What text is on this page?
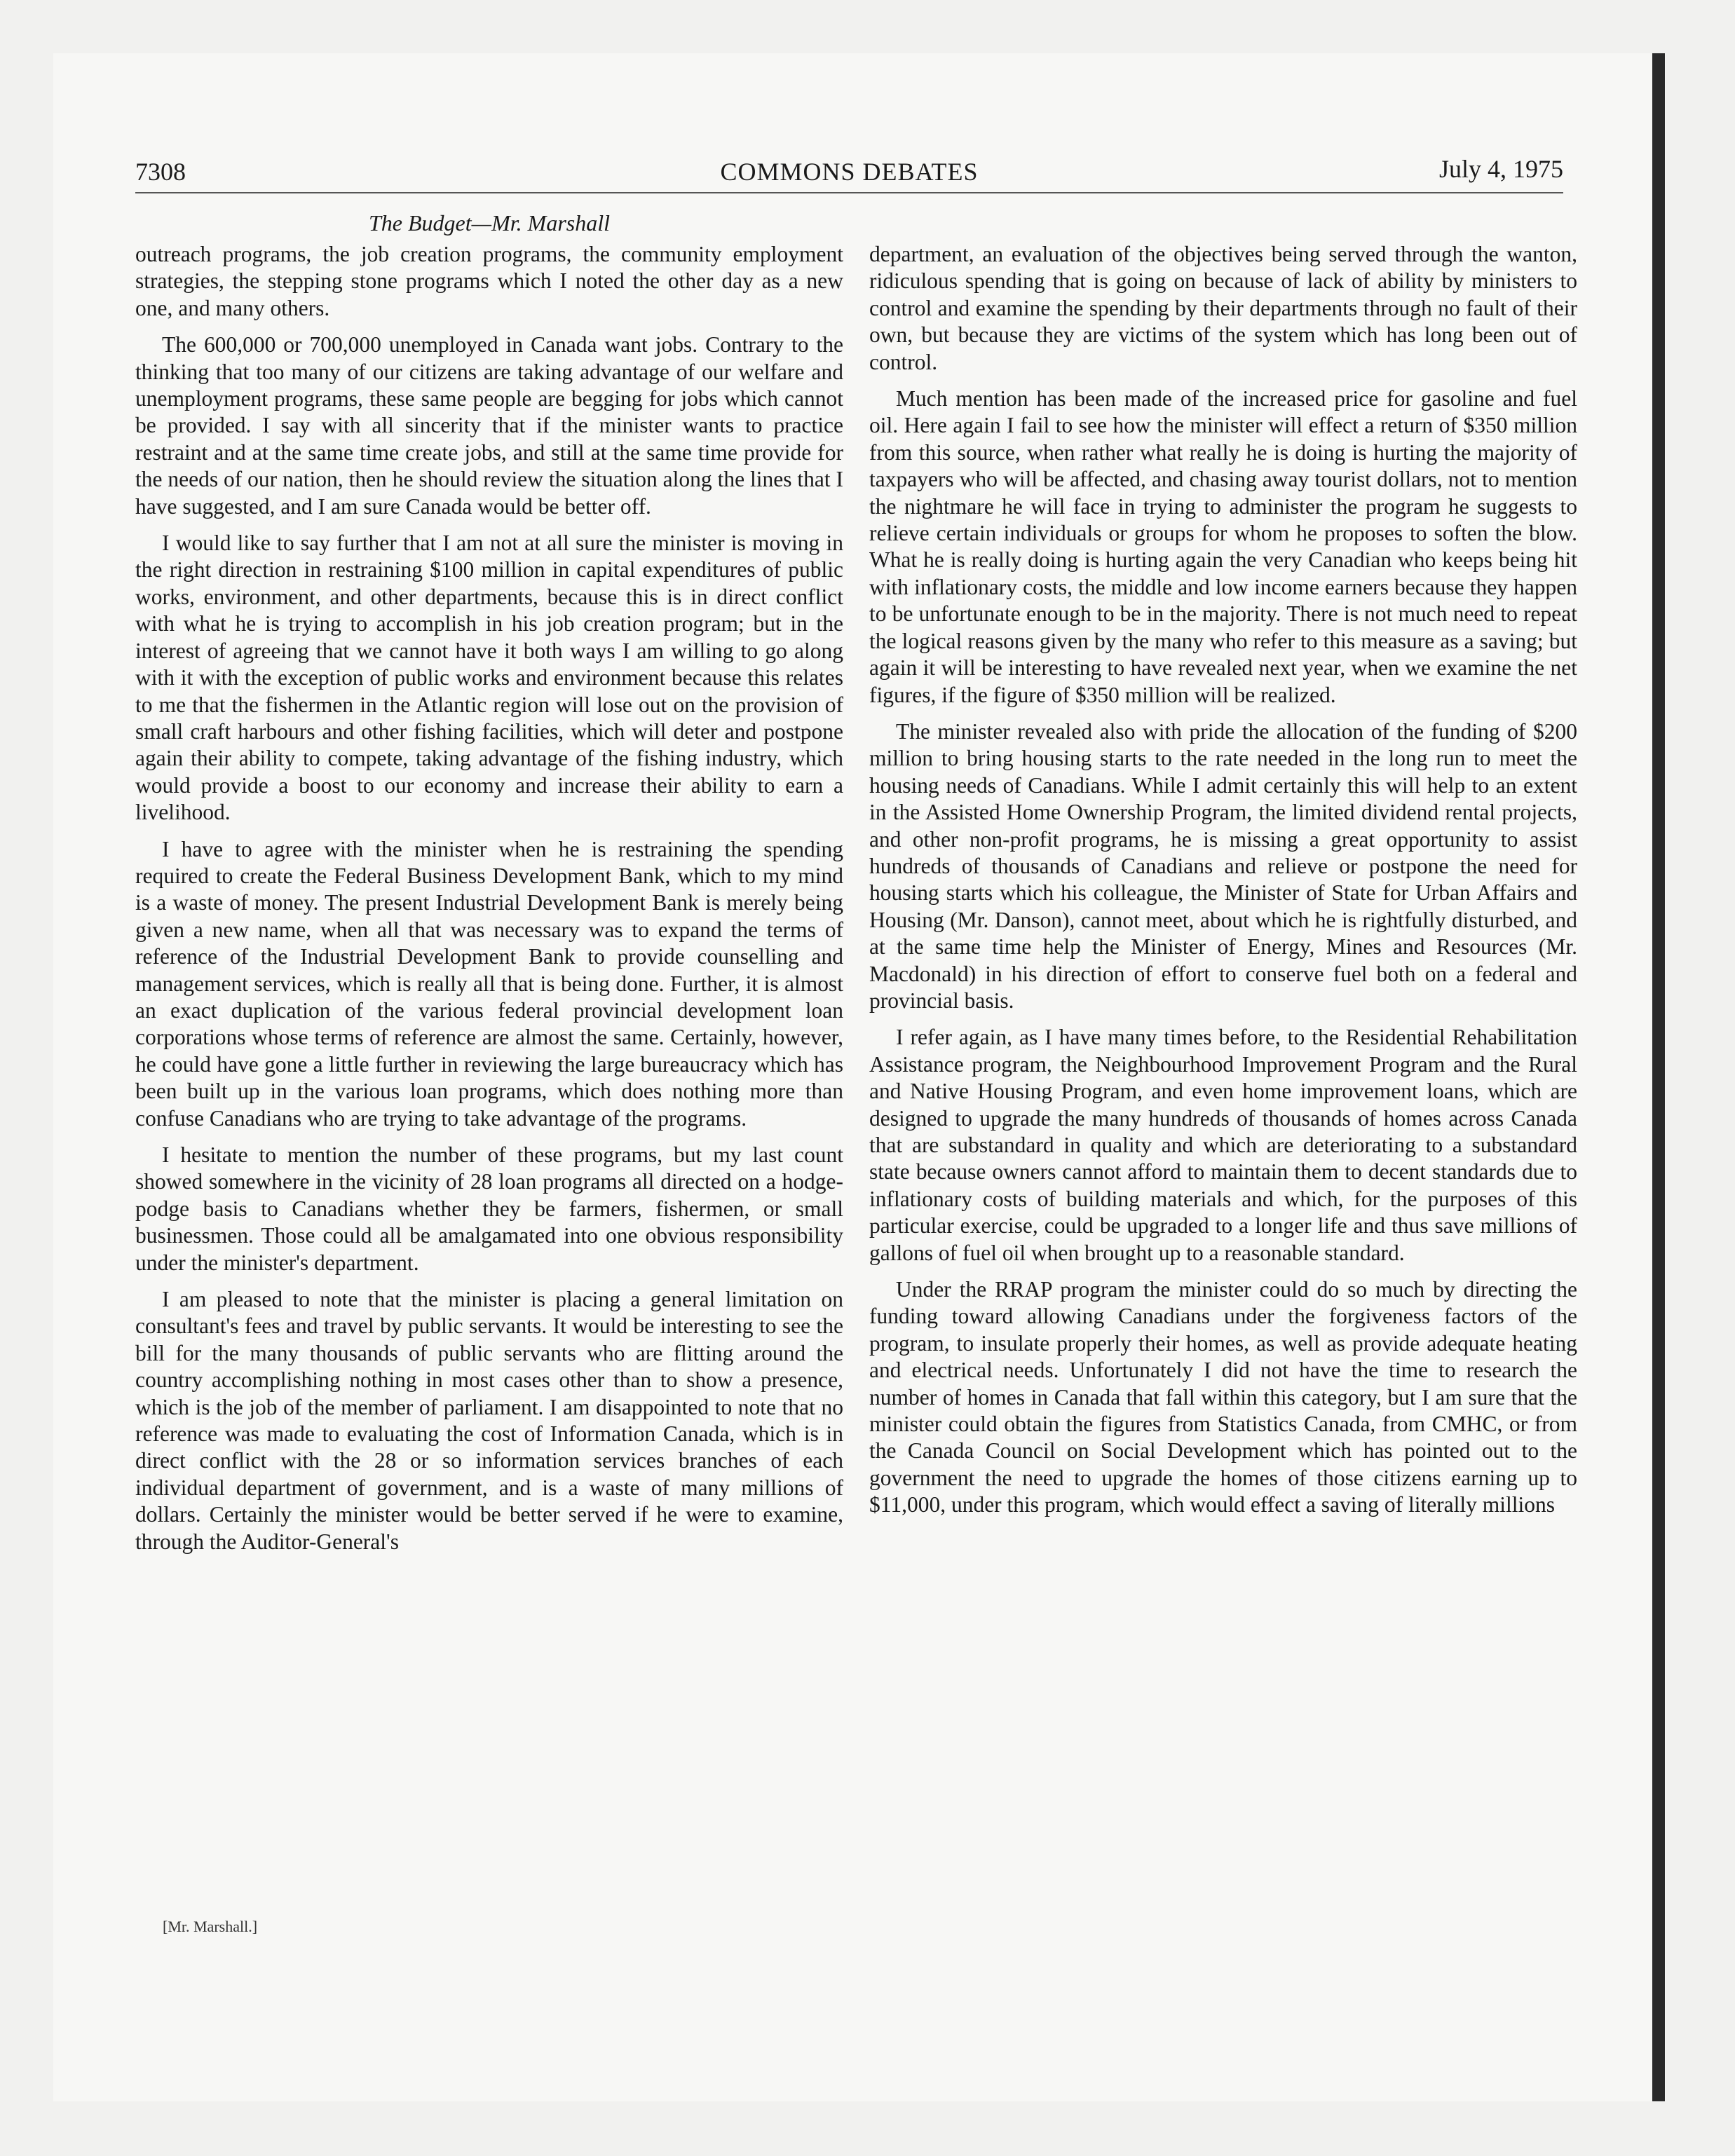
7308	COMMONS DEBATES	July 4, 1975
The Budget—Mr. Marshall

outreach programs, the job creation programs, the community employment strategies, the stepping stone programs which I noted the other day as a new one, and many others.

The 600,000 or 700,000 unemployed in Canada want jobs. Contrary to the thinking that too many of our citizens are taking advantage of our welfare and unemployment programs, these same people are begging for jobs which cannot be provided. I say with all sincerity that if the minister wants to practice restraint and at the same time create jobs, and still at the same time provide for the needs of our nation, then he should review the situation along the lines that I have suggested, and I am sure Canada would be better off.

I would like to say further that I am not at all sure the minister is moving in the right direction in restraining $100 million in capital expenditures of public works, environment, and other departments, because this is in direct conflict with what he is trying to accomplish in his job creation program; but in the interest of agreeing that we cannot have it both ways I am willing to go along with it with the exception of public works and environment because this relates to me that the fishermen in the Atlantic region will lose out on the provision of small craft harbours and other fishing facilities, which will deter and postpone again their ability to compete, taking advantage of the fishing industry, which would provide a boost to our economy and increase their ability to earn a livelihood.

I have to agree with the minister when he is restraining the spending required to create the Federal Business Development Bank, which to my mind is a waste of money. The present Industrial Development Bank is merely being given a new name, when all that was necessary was to expand the terms of reference of the Industrial Development Bank to provide counselling and management services, which is really all that is being done. Further, it is almost an exact duplication of the various federal provincial development loan corporations whose terms of reference are almost the same. Certainly, however, he could have gone a little further in reviewing the large bureaucracy which has been built up in the various loan programs, which does nothing more than confuse Canadians who are trying to take advantage of the programs.

I hesitate to mention the number of these programs, but my last count showed somewhere in the vicinity of 28 loan programs all directed on a hodge-podge basis to Canadians whether they be farmers, fishermen, or small businessmen. Those could all be amalgamated into one obvious responsibility under the minister's department.

I am pleased to note that the minister is placing a general limitation on consultant's fees and travel by public servants. It would be interesting to see the bill for the many thousands of public servants who are flitting around the country accomplishing nothing in most cases other than to show a presence, which is the job of the member of parliament. I am disappointed to note that no reference was made to evaluating the cost of Information Canada, which is in direct conflict with the 28 or so information services branches of each individual department of government, and is a waste of many millions of dollars. Certainly the minister would be better served if he were to examine, through the Auditor-General's

[Mr. Marshall.]

department, an evaluation of the objectives being served through the wanton, ridiculous spending that is going on because of lack of ability by ministers to control and examine the spending by their departments through no fault of their own, but because they are victims of the system which has long been out of control.

Much mention has been made of the increased price for gasoline and fuel oil. Here again I fail to see how the minister will effect a return of $350 million from this source, when rather what really he is doing is hurting the majority of taxpayers who will be affected, and chasing away tourist dollars, not to mention the nightmare he will face in trying to administer the program he suggests to relieve certain individuals or groups for whom he proposes to soften the blow. What he is really doing is hurting again the very Canadian who keeps being hit with inflationary costs, the middle and low income earners because they happen to be unfortunate enough to be in the majority. There is not much need to repeat the logical reasons given by the many who refer to this measure as a saving; but again it will be interesting to have revealed next year, when we examine the net figures, if the figure of $350 million will be realized.

The minister revealed also with pride the allocation of the funding of $200 million to bring housing starts to the rate needed in the long run to meet the housing needs of Canadians. While I admit certainly this will help to an extent in the Assisted Home Ownership Program, the limited dividend rental projects, and other non-profit programs, he is missing a great opportunity to assist hundreds of thousands of Canadians and relieve or postpone the need for housing starts which his colleague, the Minister of State for Urban Affairs and Housing (Mr. Danson), cannot meet, about which he is rightfully disturbed, and at the same time help the Minister of Energy, Mines and Resources (Mr. Macdonald) in his direction of effort to conserve fuel both on a federal and provincial basis.

I refer again, as I have many times before, to the Residential Rehabilitation Assistance program, the Neighbourhood Improvement Program and the Rural and Native Housing Program, and even home improvement loans, which are designed to upgrade the many hundreds of thousands of homes across Canada that are substandard in quality and which are deteriorating to a substandard state because owners cannot afford to maintain them to decent standards due to inflationary costs of building materials and which, for the purposes of this particular exercise, could be upgraded to a longer life and thus save millions of gallons of fuel oil when brought up to a reasonable standard.

Under the RRAP program the minister could do so much by directing the funding toward allowing Canadians under the forgiveness factors of the program, to insulate properly their homes, as well as provide adequate heating and electrical needs. Unfortunately I did not have the time to research the number of homes in Canada that fall within this category, but I am sure that the minister could obtain the figures from Statistics Canada, from CMHC, or from the Canada Council on Social Development which has pointed out to the government the need to upgrade the homes of those citizens earning up to $11,000, under this program, which would effect a saving of literally millions
